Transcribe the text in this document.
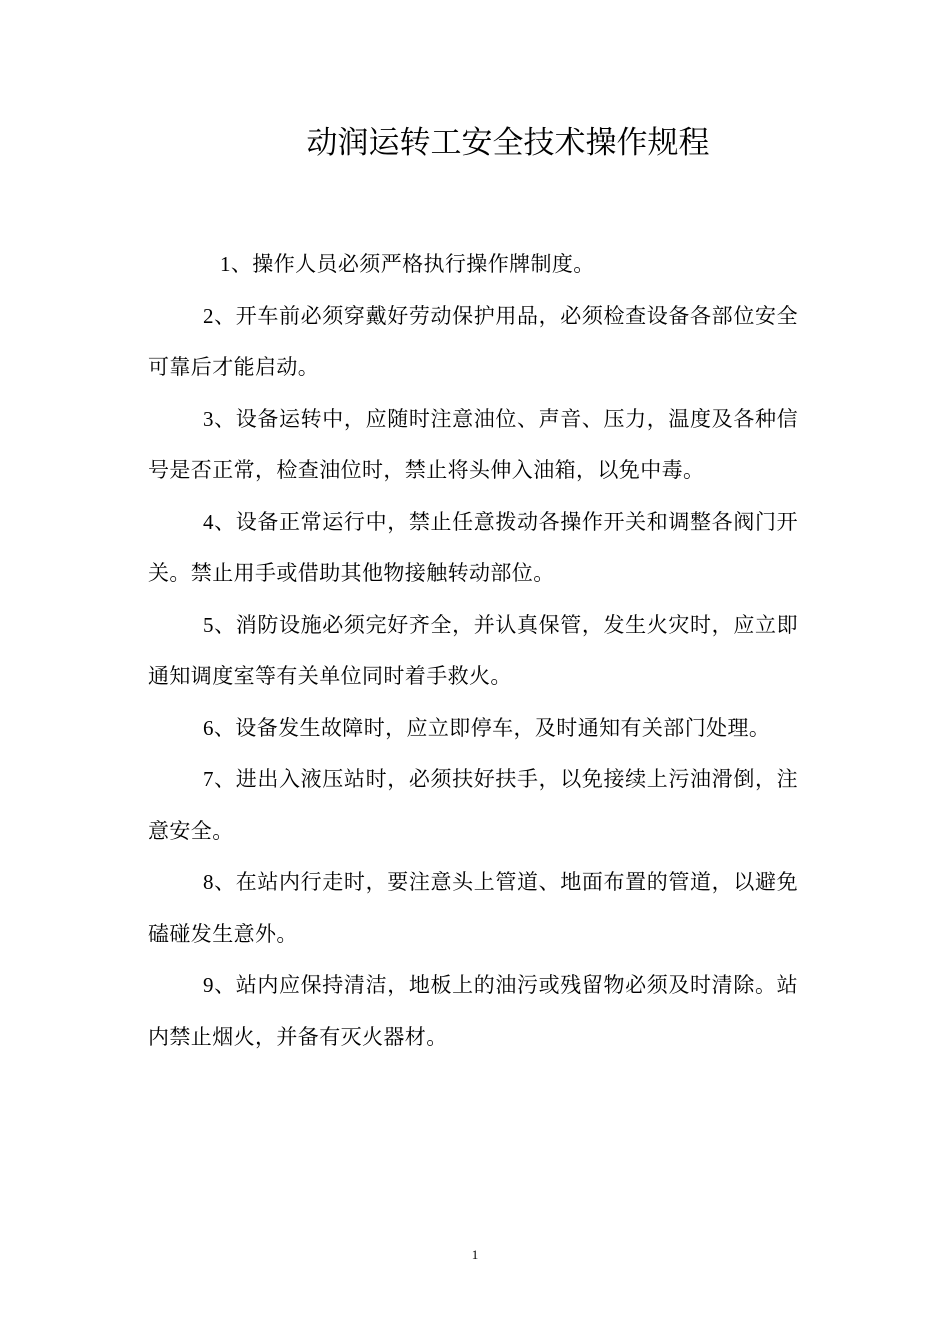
动润运转工安全技术操作规程

1、操作人员必须严格执行操作牌制度。

2、开车前必须穿戴好劳动保护用品，必须检查设备各部位安全可靠后才能启动。

3、设备运转中，应随时注意油位、声音、压力，温度及各种信号是否正常，检查油位时，禁止将头伸入油箱，以免中毒。

4、设备正常运行中，禁止任意拨动各操作开关和调整各阀门开关。禁止用手或借助其他物接触转动部位。

5、消防设施必须完好齐全，并认真保管，发生火灾时，应立即通知调度室等有关单位同时着手救火。

6、设备发生故障时，应立即停车，及时通知有关部门处理。

7、进出入液压站时，必须扶好扶手，以免接续上污油滑倒，注意安全。

8、在站内行走时，要注意头上管道、地面布置的管道，以避免磕碰发生意外。

9、站内应保持清洁，地板上的油污或残留物必须及时清除。站内禁止烟火，并备有灭火器材。

1
